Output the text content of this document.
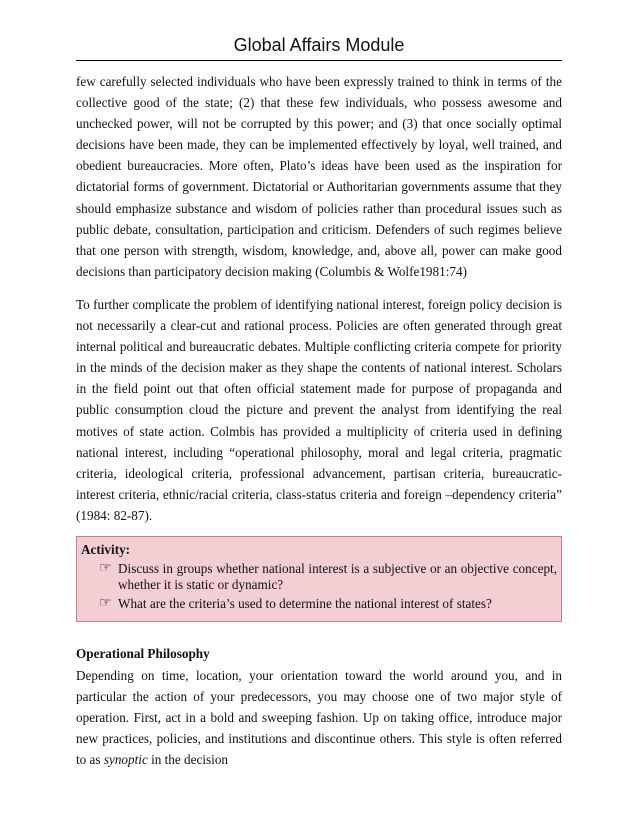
Global Affairs Module

few carefully selected individuals who have been expressly trained to think in terms of the collective good of the state; (2) that these few individuals, who possess awesome and unchecked power, will not be corrupted by this power; and (3) that once socially optimal decisions have been made, they can be implemented effectively by loyal, well trained, and obedient bureaucracies. More often, Plato’s ideas have been used as the inspiration for dictatorial forms of government. Dictatorial or Authoritarian governments assume that they should emphasize substance and wisdom of policies rather than procedural issues such as public debate, consultation, participation and criticism. Defenders of such regimes believe that one person with strength, wisdom, knowledge, and, above all, power can make good decisions than participatory decision making (Columbis & Wolfe1981:74)

To further complicate the problem of identifying national interest, foreign policy decision is not necessarily a clear-cut and rational process. Policies are often generated through great internal political and bureaucratic debates. Multiple conflicting criteria compete for priority in the minds of the decision maker as they shape the contents of national interest. Scholars in the field point out that often official statement made for purpose of propaganda and public consumption cloud the picture and prevent the analyst from identifying the real motives of state action. Colmbis has provided a multiplicity of criteria used in defining national interest, including “operational philosophy, moral and legal criteria, pragmatic criteria, ideological criteria, professional advancement, partisan criteria, bureaucratic-interest criteria, ethnic/racial criteria, class-status criteria and foreign –dependency criteria” (1984: 82-87).

Activity:
☞ Discuss in groups whether national interest is a subjective or an objective concept, whether it is static or dynamic?
☞ What are the criteria’s used to determine the national interest of states?
Operational Philosophy

Depending on time, location, your orientation toward the world around you, and in particular the action of your predecessors, you may choose one of two major style of operation. First, act in a bold and sweeping fashion. Up on taking office, introduce major new practices, policies, and institutions and discontinue others. This style is often referred to as synoptic in the decision
